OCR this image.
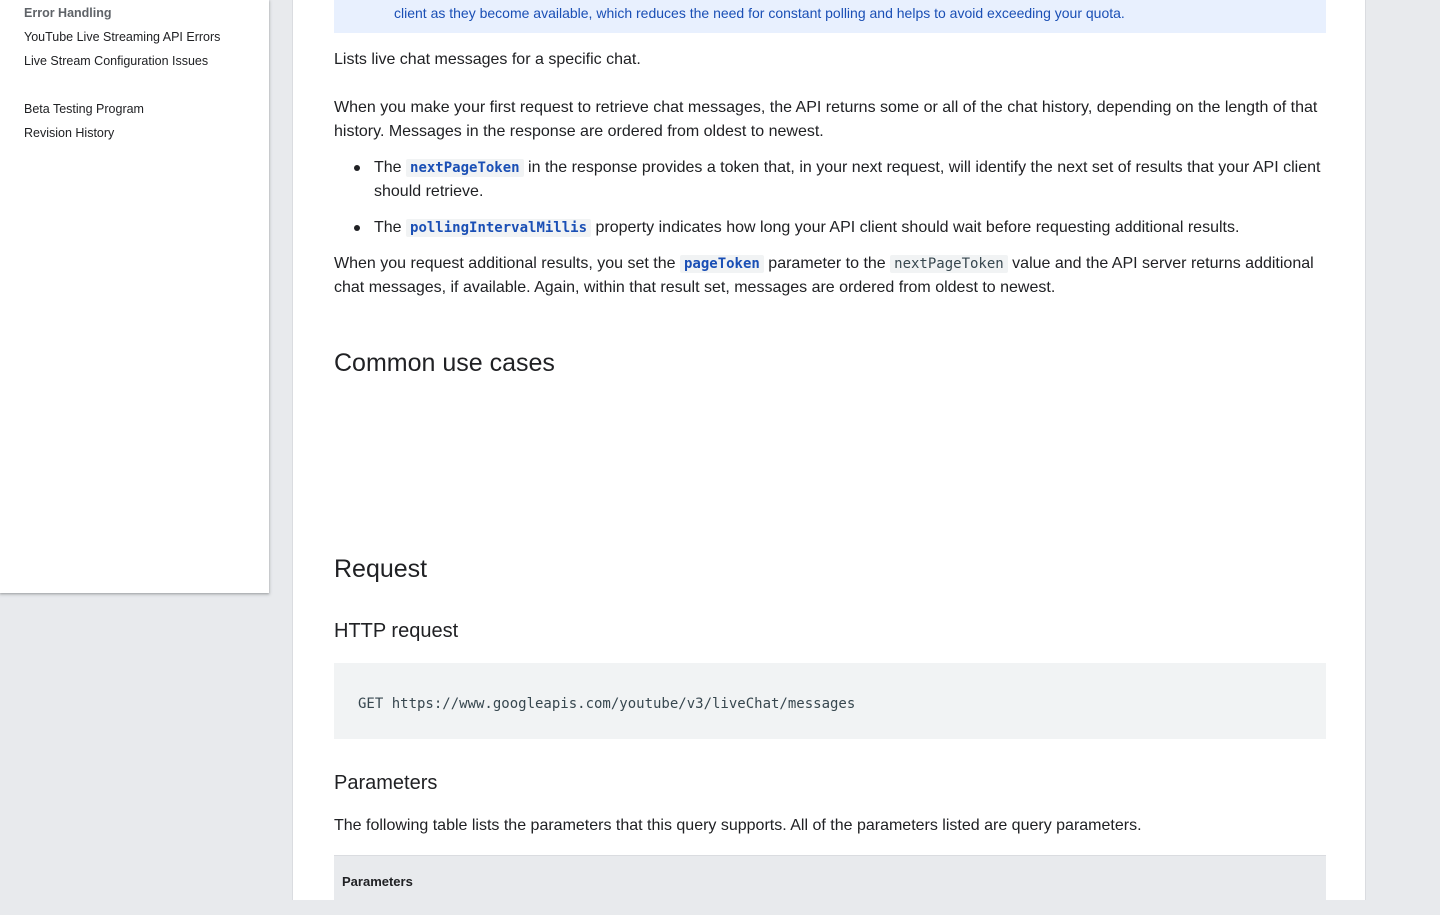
Error Handling
YouTube Live Streaming API Errors
Live Stream Configuration Issues
Beta Testing Program
Revision History
client as they become available, which reduces the need for constant polling and helps to avoid exceeding your quota.

Lists live chat messages for a specific chat.

When you make your first request to retrieve chat messages, the API returns some or all of the chat history, depending on the length of that history. Messages in the response are ordered from oldest to newest.

The nextPageToken in the response provides a token that, in your next request, will identify the next set of results that your API client should retrieve.
The pollingIntervalMillis property indicates how long your API client should wait before requesting additional results.

When you request additional results, you set the pageToken parameter to the nextPageToken value and the API server returns additional chat messages, if available. Again, within that result set, messages are ordered from oldest to newest.

Common use cases
Request
HTTP request
GET https://www.googleapis.com/youtube/v3/liveChat/messages
Parameters

The following table lists the parameters that this query supports. All of the parameters listed are query parameters.

Parameters
